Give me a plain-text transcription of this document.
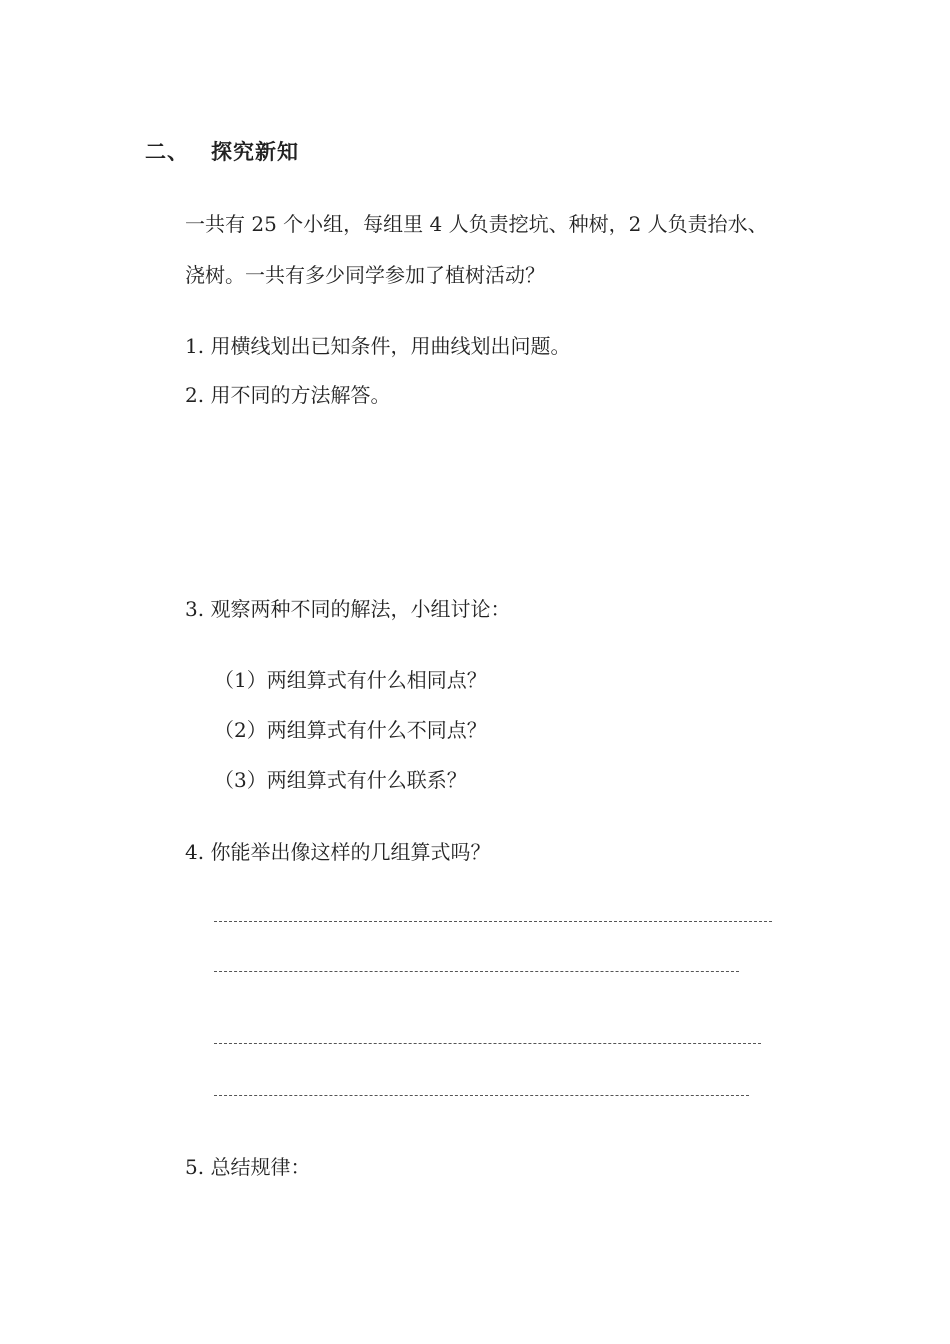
二、 探究新知
一共有 25 个小组，每组里 4 人负责挖坑、种树，2 人负责抬水、
浇树。一共有多少同学参加了植树活动？
1. 用横线划出已知条件，用曲线划出问题。
2. 用不同的方法解答。
3. 观察两种不同的解法，小组讨论：
（1）两组算式有什么相同点？
（2）两组算式有什么不同点？
（3）两组算式有什么联系？
4. 你能举出像这样的几组算式吗？
5. 总结规律：
